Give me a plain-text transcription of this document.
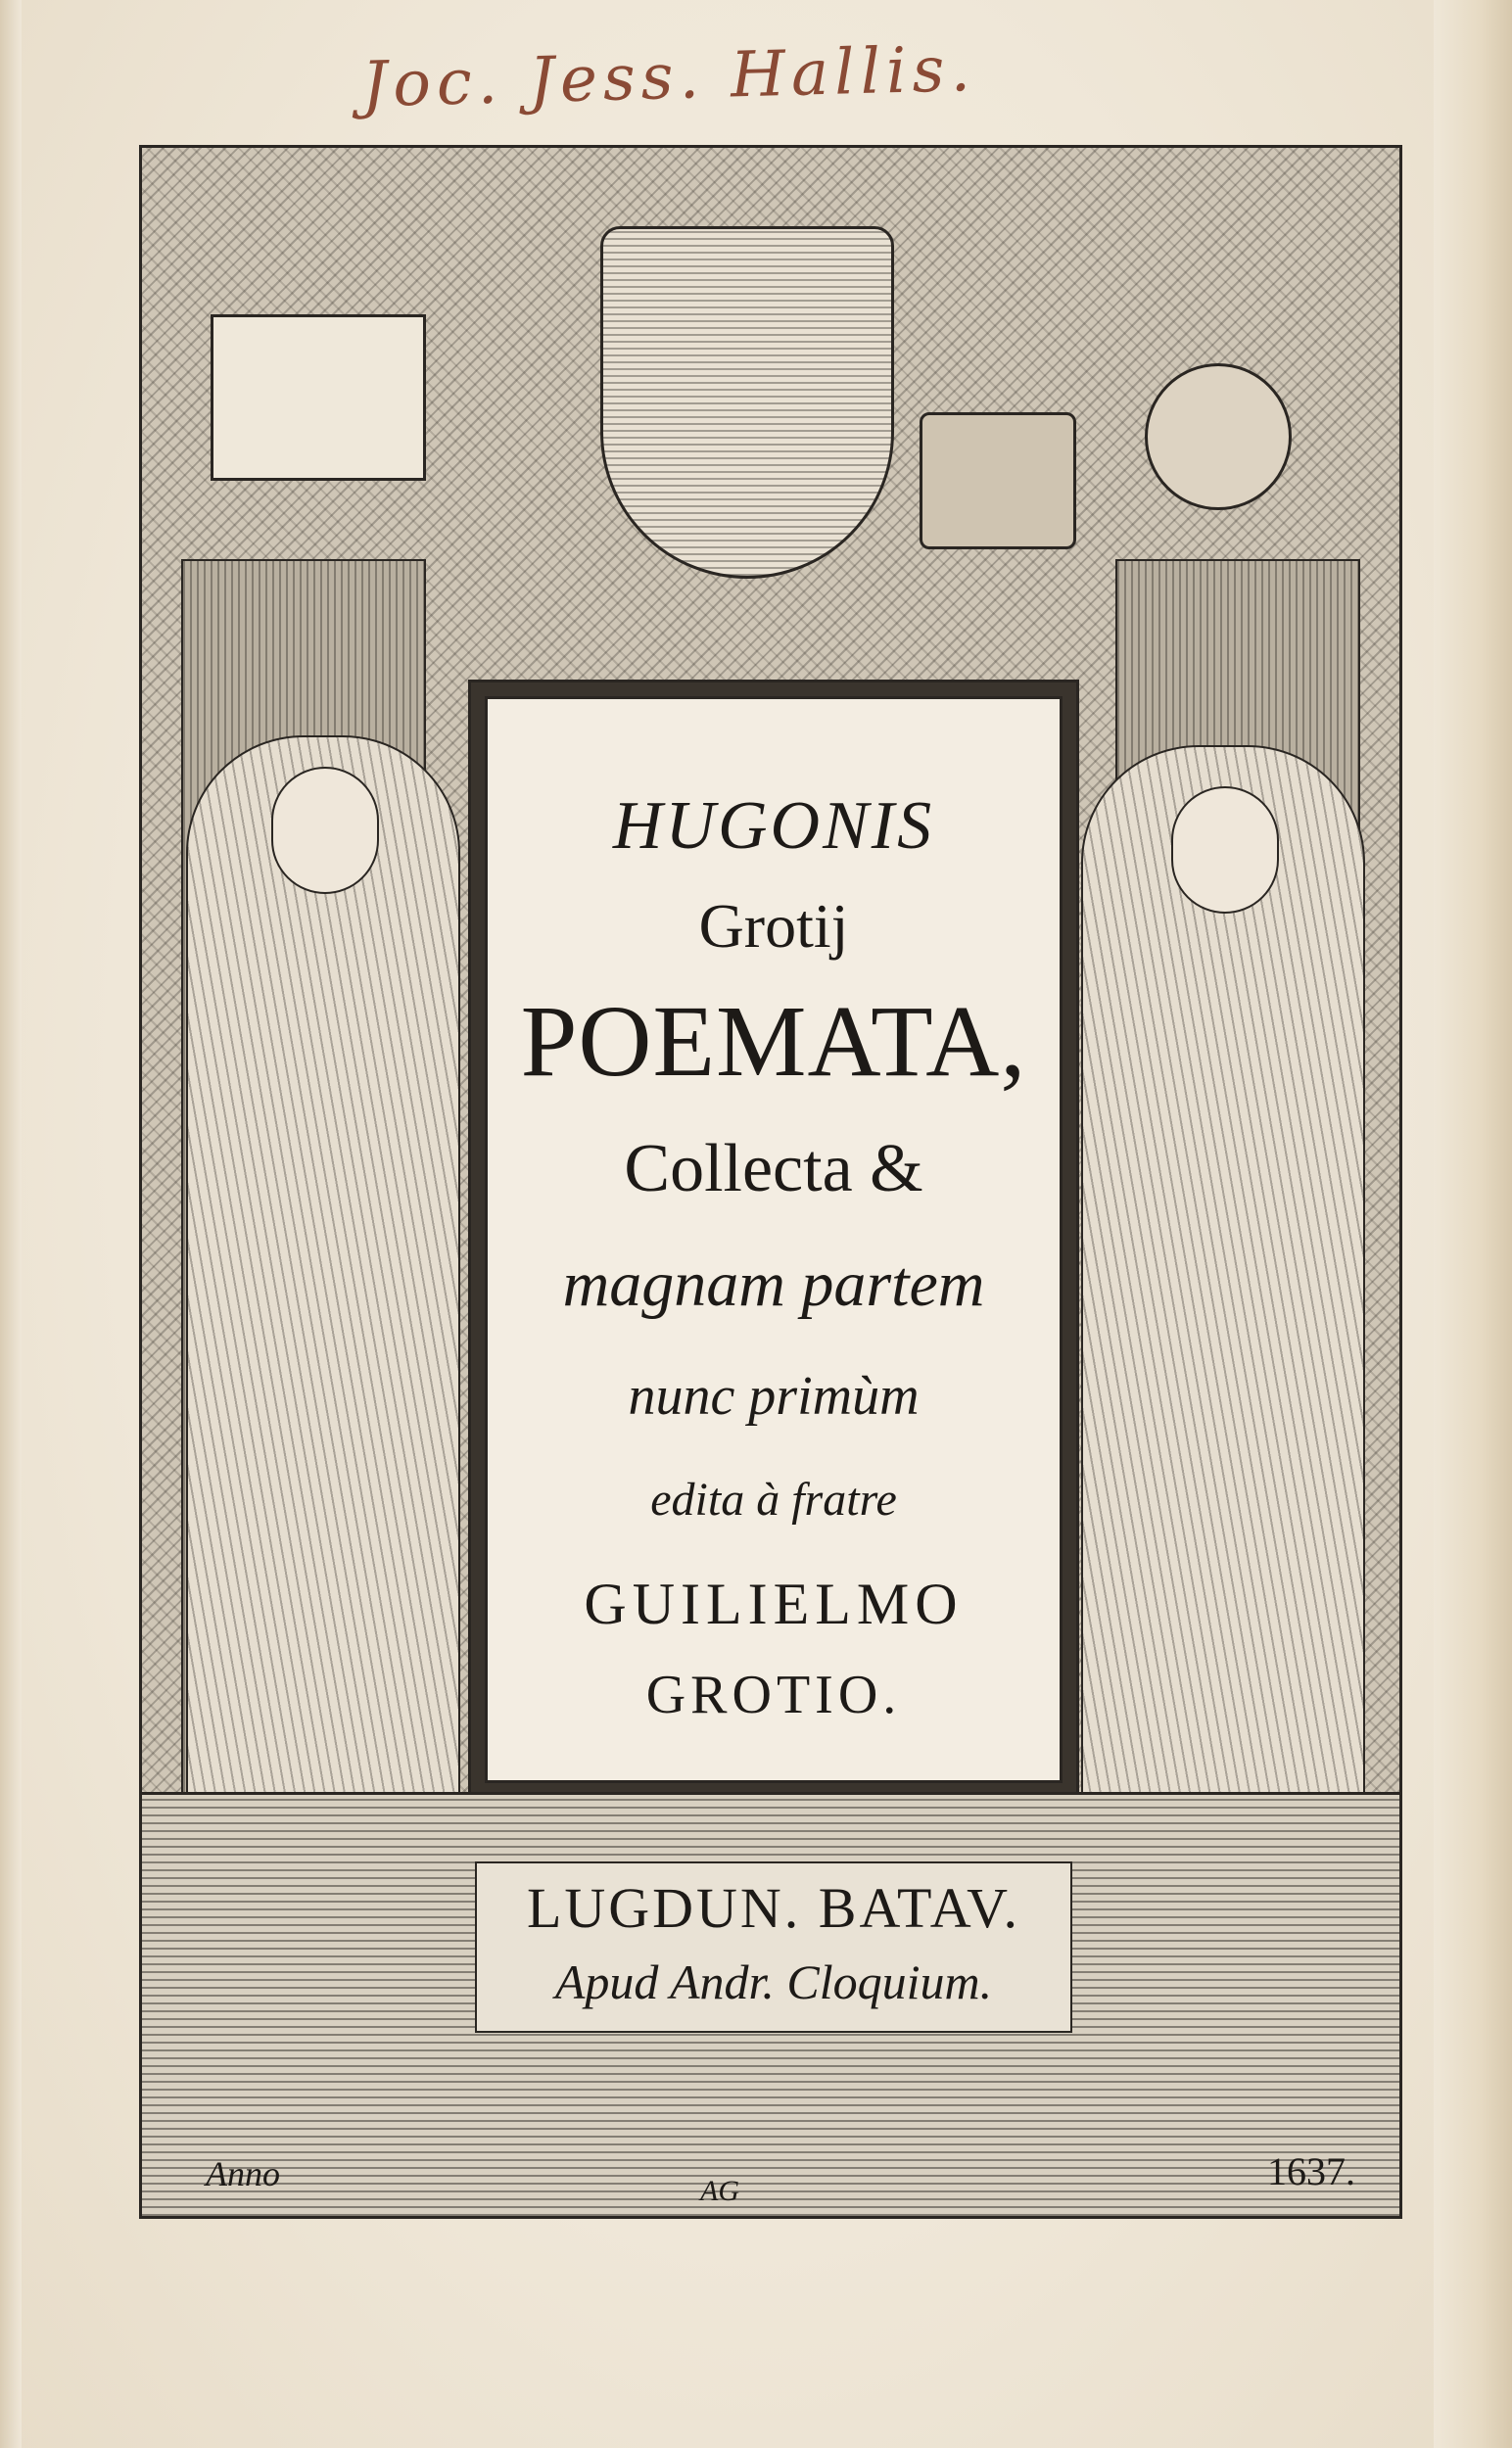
Joc. Jess. Hallis.
HUGONIS
Grotij
POEMATA,
Collecta &
magnam partem
nunc primùm
edita à fratre
GUILIELMO
GROTIO.
Anno	AG	1637.
LUGDUN. BATAV.
Apud Andr. Cloquium.
